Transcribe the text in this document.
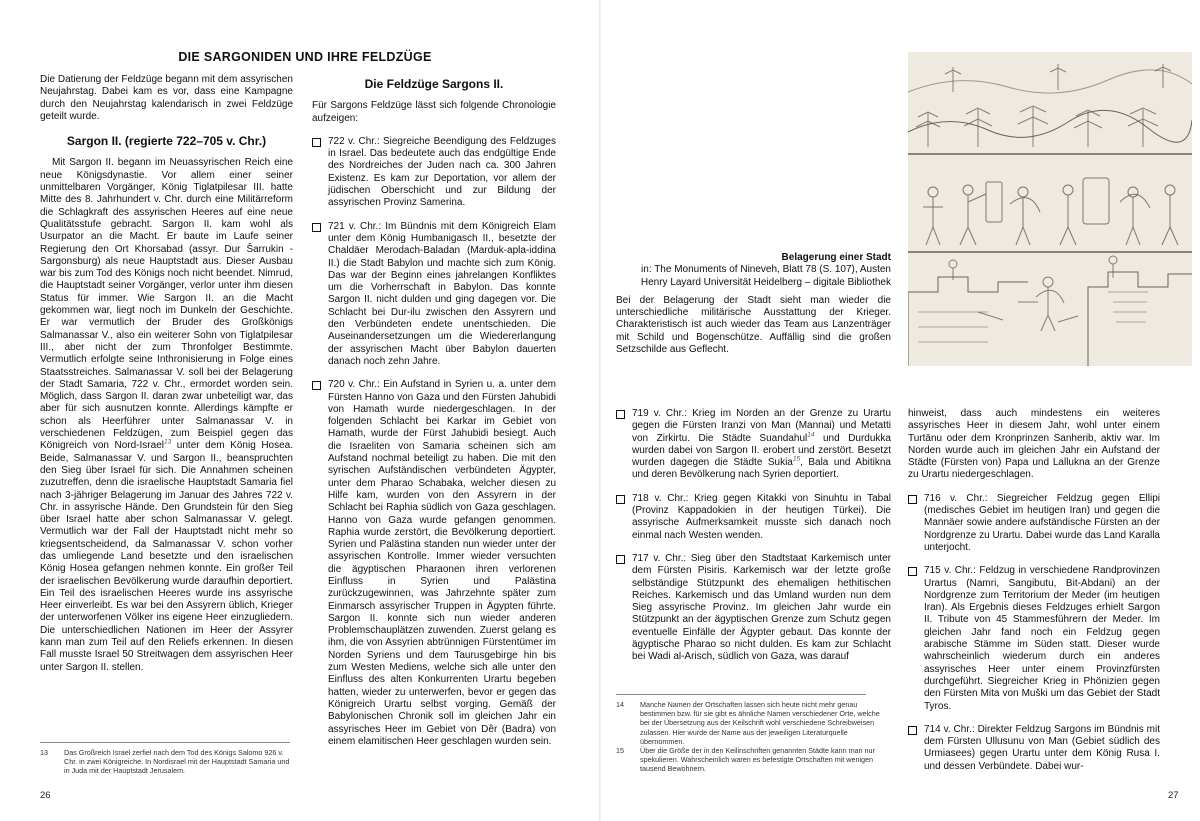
DIE SARGONIDEN UND IHRE FELDZÜGE

Die Datierung der Feldzüge begann mit dem assyrischen Neujahrstag. Dabei kam es vor, dass eine Kampagne durch den Neujahrstag kalendarisch in zwei Feldzüge geteilt wurde.

Sargon II. (regierte 722–705 v. Chr.)

Mit Sargon II. begann im Neuassyrischen Reich eine neue Königsdynastie. Vor allem einer seiner unmittelbaren Vorgänger, König Tiglatpilesar III. hatte Mitte des 8. Jahrhundert v. Chr. durch eine Militärreform die Schlagkraft des assyrischen Heeres auf eine neue Qualitätsstufe gebracht. Sargon II. kam wohl als Usurpator an die Macht. Er baute im Laufe seiner Regierung den Ort Khorsabad (assyr. Dur Šarrukin -Sargonsburg) als neue Hauptstadt aus. Dieser Ausbau war bis zum Tod des Königs noch nicht beendet. Nimrud, die Hauptstadt seiner Vorgänger, verlor unter ihm diesen Status für immer. Wie Sargon II. an die Macht gekommen war, liegt noch im Dunkeln der Geschichte. Er war vermutlich der Bruder des Großkönigs Salmanassar V., also ein weiterer Sohn von Tiglatpilesar III., aber nicht der zum Thronfolger Bestimmte. Vermutlich erfolgte seine Inthronisierung in Folge eines Staatsstreiches. Salmanassar V. soll bei der Belagerung der Stadt Samaria, 722 v. Chr., ermordet worden sein. Möglich, dass Sargon II. daran zwar unbeteiligt war, das aber für sich ausnutzen konnte. Allerdings kämpfte er schon als Heerführer unter Salmanassar V. in verschiedenen Feldzügen, zum Beispiel gegen das Königreich von Nord-Israel$^{13}$ unter dem König Hosea. Beide, Salmanassar V. und Sargon II., beanspruchten den Sieg über Israel für sich. Die Annahmen scheinen zuzutreffen, denn die israelische Hauptstadt Samaria fiel nach 3-jähriger Belagerung im Januar des Jahres 722 v. Chr. in assyrische Hände. Den Grundstein für den Sieg über Israel hatte aber schon Salmanassar V. gelegt. Vermutlich war der Fall der Hauptstadt nicht mehr so kriegsentscheidend, da Salmanassar V. schon vorher das umliegende Land besetzte und den israelischen König Hosea gefangen nehmen konnte. Ein großer Teil der israelischen Bevölkerung wurde daraufhin deportiert. Ein Teil des israelischen Heeres wurde ins assyrische Heer einverleibt. Es war bei den Assyrern üblich, Krieger der unterworfenen Völker ins eigene Heer einzugliedern. Die unterschiedlichen Nationen im Heer der Assyrer kann man zum Teil auf den Reliefs erkennen. In diesen Fall musste Israel 50 Streitwagen dem assyrischen Heer unter Sargon II. stellen.

Die Feldzüge Sargons II.

Für Sargons Feldzüge lässt sich folgende Chronologie aufzeigen:

722 v. Chr.: Siegreiche Beendigung des Feldzuges in Israel. Das bedeutete auch das endgültige Ende des Nordreiches der Juden nach ca. 300 Jahren Existenz. Es kam zur Deportation, vor allem der jüdischen Oberschicht und zur Bildung der assyrischen Provinz Samerina.
721 v. Chr.: Im Bündnis mit dem Königreich Elam unter dem König Humbanigasch II., besetzte der Chaldäer Merodach-Baladan (Marduk-apla-iddina II.) die Stadt Babylon und machte sich zum König. Das war der Beginn eines jahrelangen Konfliktes um die Vorherrschaft in Babylon. Das konnte Sargon II. nicht dulden und ging dagegen vor. Die Schlacht bei Dur-ilu zwischen den Assyrern und den Verbündeten endete unentschieden. Die Auseinandersetzungen um die Wiedererlangung der assyrischen Macht über Babylon dauerten danach noch zehn Jahre.
720 v. Chr.: Ein Aufstand in Syrien u. a. unter dem Fürsten Hanno von Gaza und den Fürsten Jahubidi von Hamath wurde niedergeschlagen. In der folgenden Schlacht bei Karkar im Gebiet von Hamath, wurde der Fürst Jahubidi besiegt. Auch die Israeliten von Samaria scheinen sich am Aufstand nochmal beteiligt zu haben. Die mit den syrischen Aufständischen verbündeten Ägypter, unter dem Pharao Schabaka, welcher diesen zu Hilfe kam, wurden von den Assyrern in der Schlacht bei Raphia südlich von Gaza geschlagen. Hanno von Gaza wurde gefangen genommen. Raphia wurde zerstört, die Bevölkerung deportiert. Syrien und Palästina standen nun wieder unter der assyrischen Kontrolle. Immer wieder versuchten die ägyptischen Pharaonen ihren verlorenen Einfluss in Syrien und Palästina zurückzugewinnen, was Jahrzehnte später zum Einmarsch assyrischer Truppen in Ägypten führte. Sargon II. konnte sich nun wieder anderen Problemschauplätzen zuwenden. Zuerst gelang es ihm, die von Assyrien abtrünnigen Fürstentümer im Norden Syriens und dem Taurusgebirge hin bis zum Westen Mediens, welche sich alle unter den Einfluss des alten Konkurrenten Urartu begeben hatten, wieder zu unterwerfen, bevor er gegen das Königreich Urartu selbst vorging. Gemäß der Babylonischen Chronik soll im gleichen Jahr ein assyrisches Heer im Gebiet von Dêr (Badra) von einem elamitischen Heer geschlagen wurden sein.
13	Das Großreich Israel zerfiel nach dem Tod des Königs Salomo 926 v. Chr. in zwei Königreiche. In Nordisrael mit der Hauptstadt Samaria und in Juda mit der Hauptstadt Jerusalem.
26
Belagerung einer Stadt
in: The Monuments of Nineveh, Blatt 78 (S. 107), Austen Henry Layard Universität Heidelberg – digitale Bibliothek
Bei der Belagerung der Stadt sieht man wieder die unterschiedliche militärische Ausstattung der Krieger. Charakteristisch ist auch wieder das Team aus Lanzenträger mit Schild und Bogenschütze. Auffällig sind die großen Setzschilde aus Geflecht.
719 v. Chr.: Krieg im Norden an der Grenze zu Urartu gegen die Fürsten Iranzi von Man (Mannai) und Metatti von Zirkirtu. Die Städte Suandahul$^{14}$ und Durdukka wurden dabei von Sargon II. erobert und zerstört. Besetzt wurden dagegen die Städte Sukia$^{15}$, Bala und Abitikna und deren Bevölkerung nach Syrien deportiert.
718 v. Chr.: Krieg gegen Kitakki von Sinuhtu in Tabal (Provinz Kappadokien in der heutigen Türkei). Die assyrische Aufmerksamkeit musste sich danach noch einmal nach Westen wenden.
717 v. Chr.: Sieg über den Stadtstaat Karkemisch unter dem Fürsten Pisiris. Karkemisch war der letzte große selbständige Stützpunkt des ehemaligen hethitischen Reiches. Karkemisch und das Umland wurden nun dem Sieg assyrische Provinz. Im gleichen Jahr wurde ein Stützpunkt an der ägyptischen Grenze zum Schutz gegen eventuelle Einfälle der Ägypter gebaut. Das konnte der ägyptische Pharao so nicht dulden. Es kam zur Schlacht bei Wadi al-Arisch, südlich von Gaza, was darauf
14	Manche Namen der Ortschaften lassen sich heute nicht mehr genau bestimmen bzw. für sie gibt es ähnliche Namen verschiedener Orte, welche bei der Übersetzung aus der Keilschrift wohl verschiedene Schreibweisen zulassen. Hier wurde der Name aus der jeweiligen Literaturquelle übernommen.
15	Über die Größe der in den Keilinschriften genannten Städte kann man nur spekulieren. Wahrscheinlich waren es befestigte Ortschaften mit wenigen tausend Bewohnern.

hinweist, dass auch mindestens ein weiteres assyrisches Heer in diesem Jahr, wohl unter einem Turtānu oder dem Kronprinzen Sanherib, aktiv war. Im Norden wurde auch im gleichen Jahr ein Aufstand der Städte (Fürsten von) Papa und Lallukna an der Grenze zu Urartu niedergeschlagen.

716 v. Chr.: Siegreicher Feldzug gegen Ellipi (medisches Gebiet im heutigen Iran) und gegen die Mannäer sowie andere aufständische Fürsten an der Nordgrenze zu Urartu. Dabei wurde das Land Karalla unterjocht.
715 v. Chr.: Feldzug in verschiedene Randprovinzen Urartus (Namri, Sangibutu, Bit-Abdani) an der Nordgrenze zum Territorium der Meder (im heutigen Iran). Als Ergebnis dieses Feldzuges erhielt Sargon II. Tribute von 45 Stammesführern der Meder. Im gleichen Jahr fand noch ein Feldzug gegen arabische Stämme im Süden statt. Dieser wurde wahrscheinlich wiederum durch ein anderes assyrisches Heer unter einem Provinzfürsten durchgeführt. Siegreicher Krieg in Phönizien gegen den Fürsten Mita von Muški um das Gebiet der Stadt Tyros.
714 v. Chr.: Direkter Feldzug Sargons im Bündnis mit dem Fürsten Ullusunu von Man (Gebiet südlich des Urmiasees) gegen Urartu unter dem König Rusa I. und dessen Verbündete. Dabei wur-
27
